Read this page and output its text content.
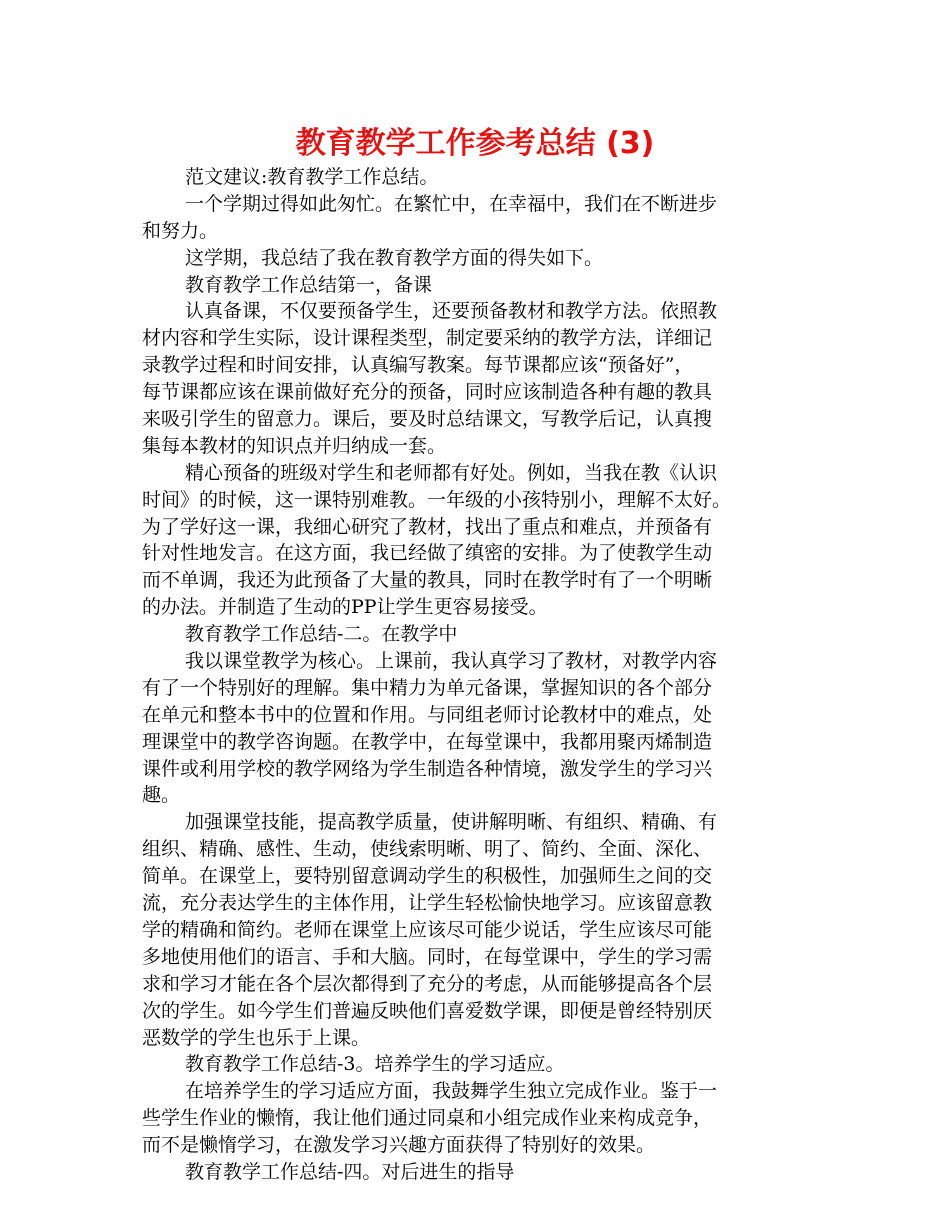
教育教学工作参考总结 (3)
范文建议:教育教学工作总结。
一个学期过得如此匆忙。在繁忙中，在幸福中，我们在不断进步
和努力。
这学期，我总结了我在教育教学方面的得失如下。
教育教学工作总结第一，备课
认真备课，不仅要预备学生，还要预备教材和教学方法。依照教
材内容和学生实际，设计课程类型，制定要采纳的教学方法，详细记
录教学过程和时间安排，认真编写教案。每节课都应该“预备好”，
每节课都应该在课前做好充分的预备，同时应该制造各种有趣的教具
来吸引学生的留意力。课后，要及时总结课文，写教学后记，认真搜
集每本教材的知识点并归纳成一套。
精心预备的班级对学生和老师都有好处。例如，当我在教《认识
时间》的时候，这一课特别难教。一年级的小孩特别小，理解不太好。
为了学好这一课，我细心研究了教材，找出了重点和难点，并预备有
针对性地发言。在这方面，我已经做了缜密的安排。为了使教学生动
而不单调，我还为此预备了大量的教具，同时在教学时有了一个明晰
的办法。并制造了生动的PP让学生更容易接受。
教育教学工作总结-二。在教学中
我以课堂教学为核心。上课前，我认真学习了教材，对教学内容
有了一个特别好的理解。集中精力为单元备课，掌握知识的各个部分
在单元和整本书中的位置和作用。与同组老师讨论教材中的难点，处
理课堂中的教学咨询题。在教学中，在每堂课中，我都用聚丙烯制造
课件或利用学校的教学网络为学生制造各种情境，激发学生的学习兴
趣。
加强课堂技能，提高教学质量，使讲解明晰、有组织、精确、有
组织、精确、感性、生动，使线索明晰、明了、简约、全面、深化、
简单。在课堂上，要特别留意调动学生的积极性，加强师生之间的交
流，充分表达学生的主体作用，让学生轻松愉快地学习。应该留意教
学的精确和简约。老师在课堂上应该尽可能少说话，学生应该尽可能
多地使用他们的语言、手和大脑。同时，在每堂课中，学生的学习需
求和学习才能在各个层次都得到了充分的考虑，从而能够提高各个层
次的学生。如今学生们普遍反映他们喜爱数学课，即便是曾经特别厌
恶数学的学生也乐于上课。
教育教学工作总结-3。培养学生的学习适应。
在培养学生的学习适应方面，我鼓舞学生独立完成作业。鉴于一
些学生作业的懒惰，我让他们通过同桌和小组完成作业来构成竞争，
而不是懒惰学习，在激发学习兴趣方面获得了特别好的效果。
教育教学工作总结-四。对后进生的指导
